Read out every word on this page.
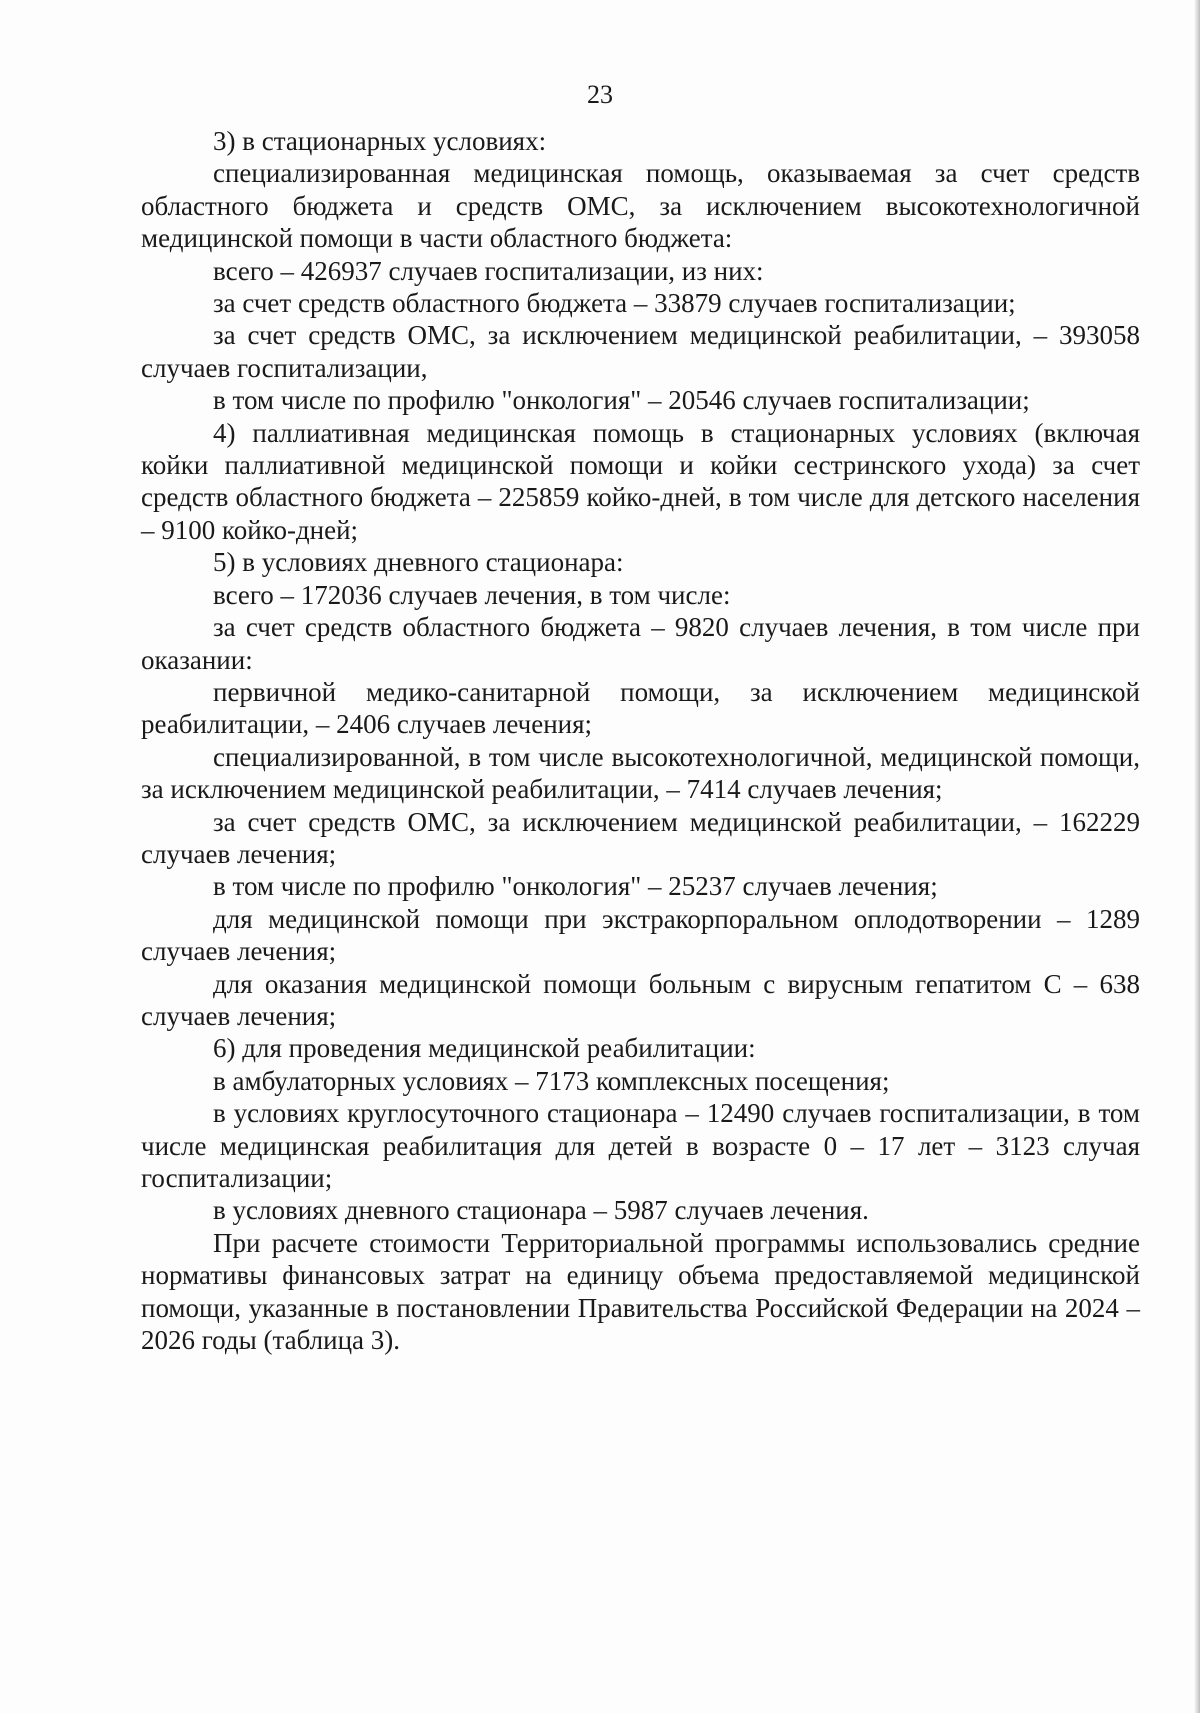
23

3) в стационарных условиях:

специализированная медицинская помощь, оказываемая за счет средств областного бюджета и средств ОМС, за исключением высокотехнологичной медицинской помощи в части областного бюджета:

всего – 426937 случаев госпитализации, из них:

за счет средств областного бюджета – 33879 случаев госпитализации;

за счет средств ОМС, за исключением медицинской реабилитации, – 393058 случаев госпитализации,

в том числе по профилю "онкология" – 20546 случаев госпитализации;

4) паллиативная медицинская помощь в стационарных условиях (включая койки паллиативной медицинской помощи и койки сестринского ухода) за счет средств областного бюджета – 225859 койко-дней, в том числе для детского населения – 9100 койко-дней;

5) в условиях дневного стационара:

всего – 172036 случаев лечения, в том числе:

за счет средств областного бюджета – 9820 случаев лечения, в том числе при оказании:

первичной медико-санитарной помощи, за исключением медицинской реабилитации, – 2406 случаев лечения;

специализированной, в том числе высокотехнологичной, медицинской помощи, за исключением медицинской реабилитации, – 7414 случаев лечения;

за счет средств ОМС, за исключением медицинской реабилитации, – 162229 случаев лечения;

в том числе по профилю "онкология" – 25237 случаев лечения;

для медицинской помощи при экстракорпоральном оплодотворении – 1289 случаев лечения;

для оказания медицинской помощи больным с вирусным гепатитом С – 638 случаев лечения;

6) для проведения медицинской реабилитации:

в амбулаторных условиях – 7173 комплексных посещения;

в условиях круглосуточного стационара – 12490 случаев госпитализации, в том числе медицинская реабилитация для детей в возрасте 0 – 17 лет – 3123 случая госпитализации;

в условиях дневного стационара – 5987 случаев лечения.

При расчете стоимости Территориальной программы использовались средние нормативы финансовых затрат на единицу объема предоставляемой медицинской помощи, указанные в постановлении Правительства Российской Федерации на 2024 – 2026 годы (таблица 3).
